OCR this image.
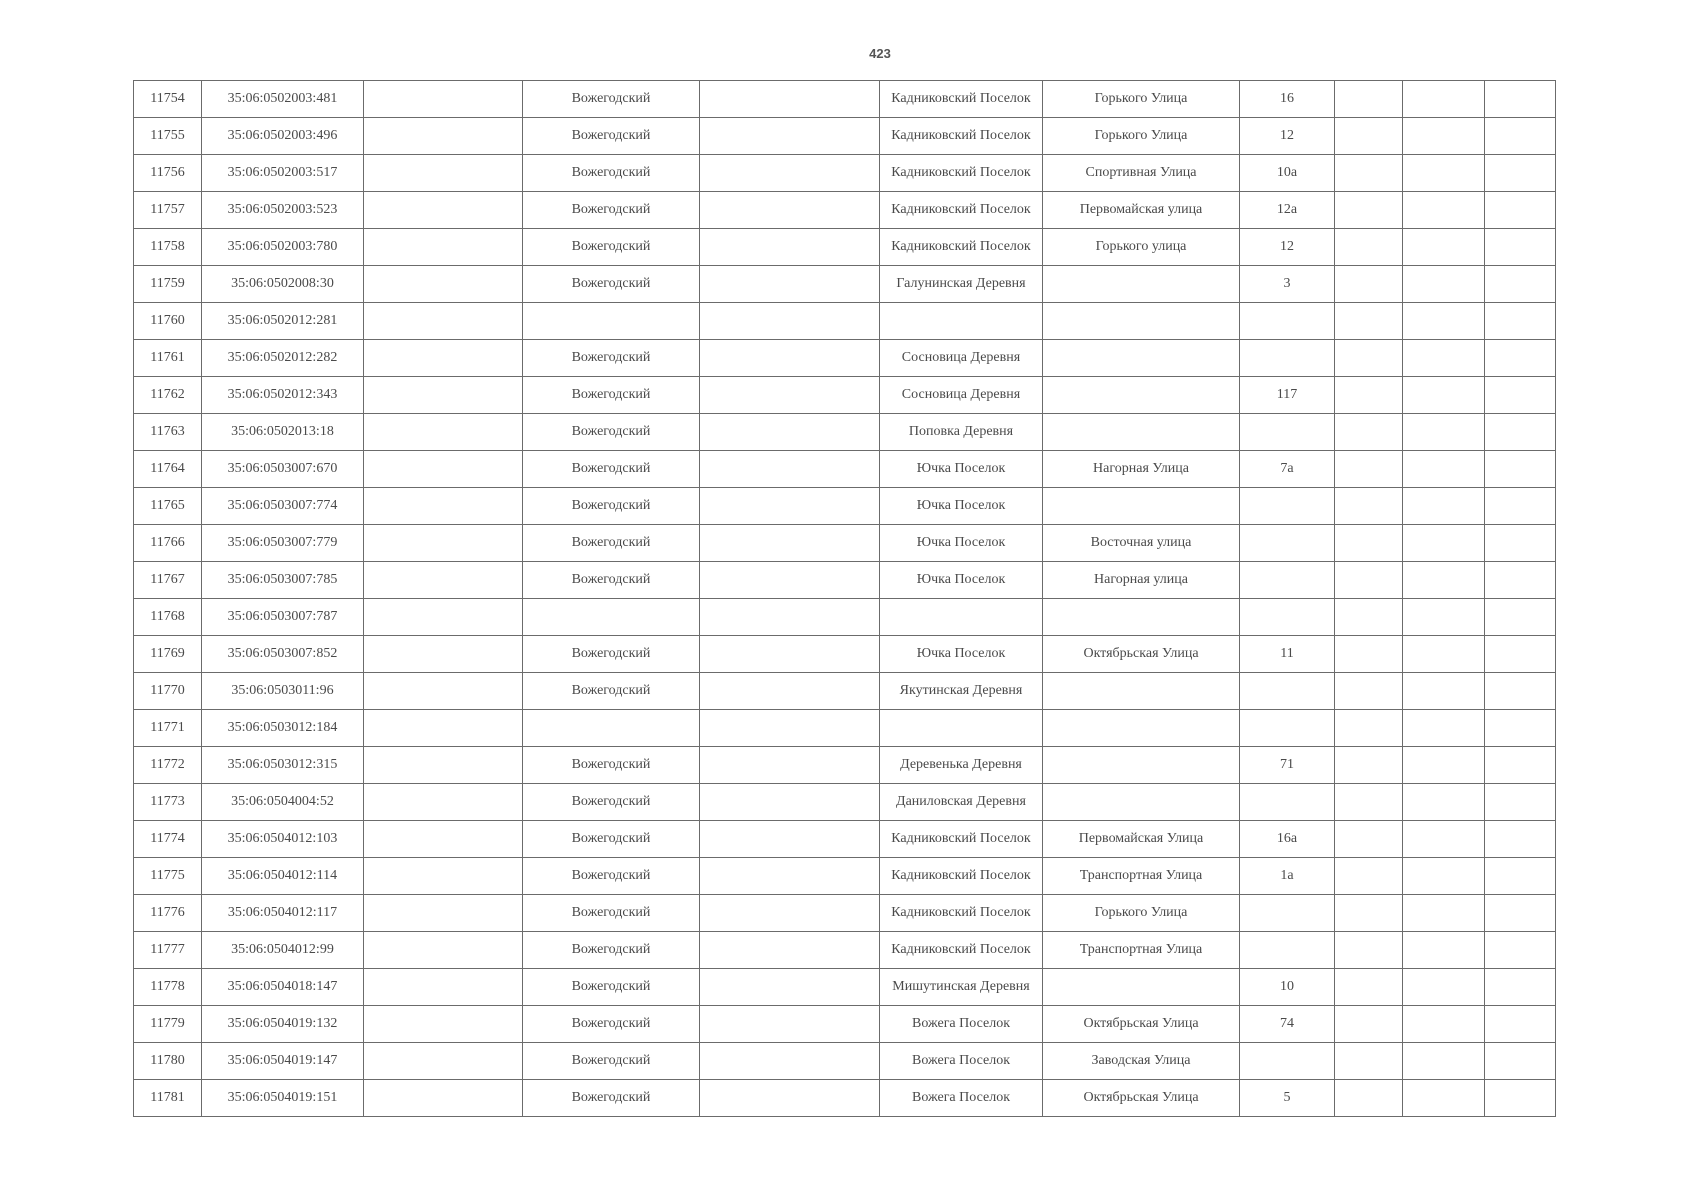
423
11754	35:06:0502003:481		Вожегодский		Кадниковский Поселок	Горького Улица	16			
11755	35:06:0502003:496		Вожегодский		Кадниковский Поселок	Горького Улица	12			
11756	35:06:0502003:517		Вожегодский		Кадниковский Поселок	Спортивная Улица	10а			
11757	35:06:0502003:523		Вожегодский		Кадниковский Поселок	Первомайская улица	12а			
11758	35:06:0502003:780		Вожегодский		Кадниковский Поселок	Горького улица	12			
11759	35:06:0502008:30		Вожегодский		Галунинская Деревня		3			
11760	35:06:0502012:281									
11761	35:06:0502012:282		Вожегодский		Сосновица Деревня					
11762	35:06:0502012:343		Вожегодский		Сосновица Деревня		117			
11763	35:06:0502013:18		Вожегодский		Поповка Деревня					
11764	35:06:0503007:670		Вожегодский		Ючка Поселок	Нагорная Улица	7а			
11765	35:06:0503007:774		Вожегодский		Ючка Поселок					
11766	35:06:0503007:779		Вожегодский		Ючка Поселок	Восточная улица				
11767	35:06:0503007:785		Вожегодский		Ючка Поселок	Нагорная улица				
11768	35:06:0503007:787									
11769	35:06:0503007:852		Вожегодский		Ючка Поселок	Октябрьская Улица	11			
11770	35:06:0503011:96		Вожегодский		Якутинская Деревня					
11771	35:06:0503012:184									
11772	35:06:0503012:315		Вожегодский		Деревенька Деревня		71			
11773	35:06:0504004:52		Вожегодский		Даниловская Деревня					
11774	35:06:0504012:103		Вожегодский		Кадниковский Поселок	Первомайская Улица	16а			
11775	35:06:0504012:114		Вожегодский		Кадниковский Поселок	Транспортная Улица	1а			
11776	35:06:0504012:117		Вожегодский		Кадниковский Поселок	Горького Улица				
11777	35:06:0504012:99		Вожегодский		Кадниковский Поселок	Транспортная Улица				
11778	35:06:0504018:147		Вожегодский		Мишутинская Деревня		10			
11779	35:06:0504019:132		Вожегодский		Вожега Поселок	Октябрьская Улица	74			
11780	35:06:0504019:147		Вожегодский		Вожега Поселок	Заводская Улица				
11781	35:06:0504019:151		Вожегодский		Вожега Поселок	Октябрьская Улица	5			
